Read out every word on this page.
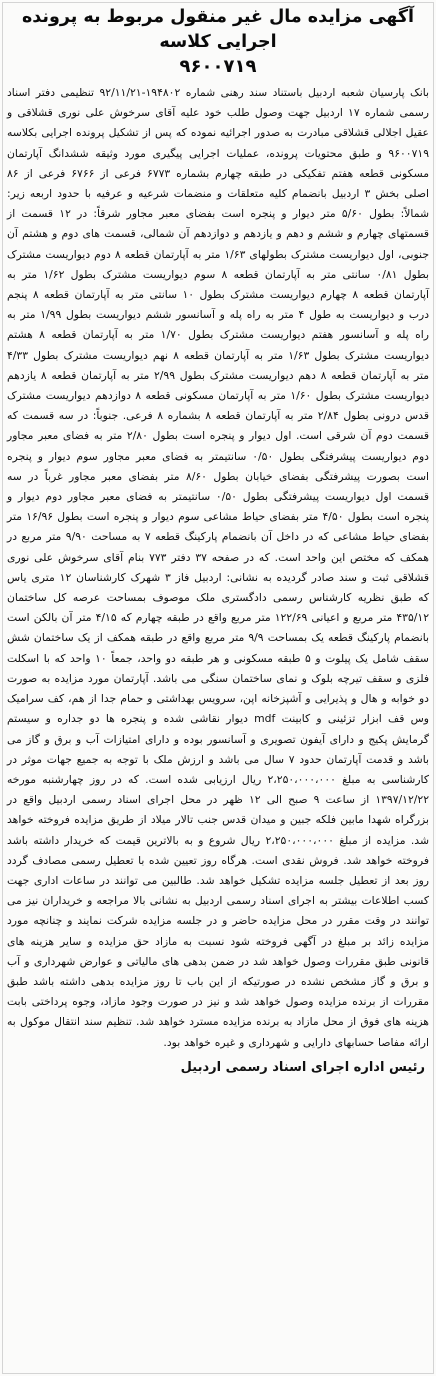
آگهی مزایده مال غیر منقول مربوط به پرونده اجرایی کلاسه
۹۶۰۰۷۱۹

بانک پارسیان شعبه اردبیل باستناد سند رهنی شماره ۱۹۴۸۰۲-۹۲/۱۱/۲۱ تنظیمی دفتر اسناد رسمی شماره ۱۷ اردبیل جهت وصول طلب خود علیه آقای سرخوش علی نوری قشلاقی و عقیل اجلالی قشلاقی مبادرت به صدور اجرائیه نموده که پس از تشکیل پرونده اجرایی بکلاسه ۹۶۰۰۷۱۹ و طبق محتویات پرونده، عملیات اجرایی پیگیری مورد وثیقه ششدانگ آپارتمان مسکونی قطعه هفتم تفکیکی در طبقه چهارم بشماره ۶۷۷۳ فرعی از ۶۷۶۶ فرعی از ۸۶ اصلی بخش ۳ اردبیل بانضمام کلیه متعلقات و منضمات شرعیه و عرفیه با حدود اربعه زیر: شمالاً: بطول ۵/۶۰ متر دیوار و پنجره است بفضای معبر مجاور شرقاً: در ۱۲ قسمت از قسمتهای چهارم و ششم و دهم و یازدهم و دوازدهم آن شمالی، قسمت های دوم و هشتم آن جنوبی، اول دیواریست مشترک بطولهای ۱/۶۳ متر به آپارتمان قطعه ۸ دوم دیواریست مشترک بطول ۰/۸۱ سانتی متر به آپارتمان قطعه ۸ سوم دیواریست مشترک بطول ۱/۶۲ متر به آپارتمان قطعه ۸ چهارم دیواریست مشترک بطول ۱۰ سانتی متر به آپارتمان قطعه ۸ پنجم درب و دیواریست به طول ۴ متر به راه پله و آسانسور ششم دیواریست بطول ۱/۹۹ متر به راه پله و آسانسور هفتم دیواریست مشترک بطول ۱/۷۰ متر به آپارتمان قطعه ۸ هشتم دیواریست مشترک بطول ۱/۶۳ متر به آپارتمان قطعه ۸ نهم دیواریست مشترک بطول ۴/۳۳ متر به آپارتمان قطعه ۸ دهم دیواریست مشترک بطول ۲/۹۹ متر به آپارتمان قطعه ۸ یازدهم دیواریست مشترک بطول ۱/۶۰ متر به آپارتمان مسکونی قطعه ۸ دوازدهم دیواریست مشترک قدس درونی بطول ۲/۸۴ متر به آپارتمان قطعه ۸ بشماره ۸ فرعی. جنوباً: در سه قسمت که قسمت دوم آن شرقی است. اول دیوار و پنجره است بطول ۲/۸۰ متر به فضای معبر مجاور دوم دیواریست پیشرفتگی بطول ۰/۵۰ سانتیمتر به فضای معبر مجاور سوم دیوار و پنجره است بصورت پیشرفتگی بفضای خیابان بطول ۸/۶۰ متر بفضای معبر مجاور غرباً در سه قسمت اول دیواریست پیشرفتگی بطول ۰/۵۰ سانتیمتر به فضای معبر مجاور دوم دیوار و پنجره است بطول ۴/۵۰ متر بفضای حیاط مشاعی سوم دیوار و پنجره است بطول ۱۶/۹۶ متر بفضای حیاط مشاعی که در داخل آن بانضمام پارکینگ قطعه ۷ به مساحت ۹/۹۰ متر مربع در همکف که مختص این واحد است. که در صفحه ۳۷ دفتر ۷۷۳ بنام آقای سرخوش علی نوری قشلاقی ثبت و سند صادر گردیده به نشانی: اردبیل فاز ۳ شهرک کارشناسان ۱۲ متری یاس که طبق نظریه کارشناس رسمی دادگستری ملک موصوف بمساحت عرصه کل ساختمان ۴۳۵/۱۲ متر مربع و اعیانی ۱۲۲/۶۹ متر مربع واقع در طبقه چهارم که ۴/۱۵ متر آن بالکن است بانضمام پارکینگ قطعه یک بمساحت ۹/۹ متر مربع واقع در طبقه همکف از یک ساختمان شش سقف شامل یک پیلوت و ۵ طبقه مسکونی و هر طبقه دو واحد، جمعاً ۱۰ واحد که با اسکلت فلزی و سقف تیرچه بلوک و نمای ساختمان سنگی می باشد. آپارتمان مورد مزایده به صورت دو خوابه و هال و پذیرایی و آشپزخانه اپن، سرویس بهداشتی و حمام جدا از هم، کف سرامیک وس قف ابزار تزئینی و کابینت mdf دیوار نقاشی شده و پنجره ها دو جداره و سیستم گرمایش پکیج و دارای آیفون تصویری و آسانسور بوده و دارای امتیازات آب و برق و گاز می باشد و قدمت آپارتمان حدود ۷ سال می باشد و ارزش ملک با توجه به جمیع جهات موثر در کارشناسی به مبلغ ۲،۲۵۰،۰۰۰،۰۰۰ ریال ارزیابی شده است. که در روز چهارشنبه مورخه ۱۳۹۷/۱۲/۲۲ از ساعت ۹ صبح الی ۱۲ ظهر در محل اجرای اسناد رسمی اردبیل واقع در بزرگراه شهدا مابین فلکه جبین و میدان قدس جنب تالار میلاد از طریق مزایده فروخته خواهد شد. مزایده از مبلغ ۲،۲۵۰،۰۰۰،۰۰۰ ریال شروع و به بالاترین قیمت که خریدار داشته باشد فروخته خواهد شد. فروش نقدی است. هرگاه روز تعیین شده با تعطیل رسمی مصادف گردد روز بعد از تعطیل جلسه مزایده تشکیل خواهد شد. طالبین می توانند در ساعات اداری جهت کسب اطلاعات بیشتر به اجرای اسناد رسمی اردبیل به نشانی بالا مراجعه و خریداران نیز می توانند در وقت مقرر در محل مزایده حاضر و در جلسه مزایده شرکت نمایند و چنانچه مورد مزایده زائد بر مبلغ در آگهی فروخته شود نسبت به مازاد حق مزایده و سایر هزینه های قانونی طبق مقررات وصول خواهد شد در ضمن بدهی های مالیاتی و عوارض شهرداری و آب و برق و گاز مشخص نشده در صورتیکه از این باب تا روز مزایده بدهی داشته باشد طبق مقررات از برنده مزایده وصول خواهد شد و نیز در صورت وجود مازاد، وجوه پرداختی بابت هزینه های فوق از محل مازاد به برنده مزایده مسترد خواهد شد. تنظیم سند انتقال موکول به ارائه مفاصا حسابهای دارایی و شهرداری و غیره خواهد بود.

رئیس اداره اجرای اسناد رسمی اردبیل
